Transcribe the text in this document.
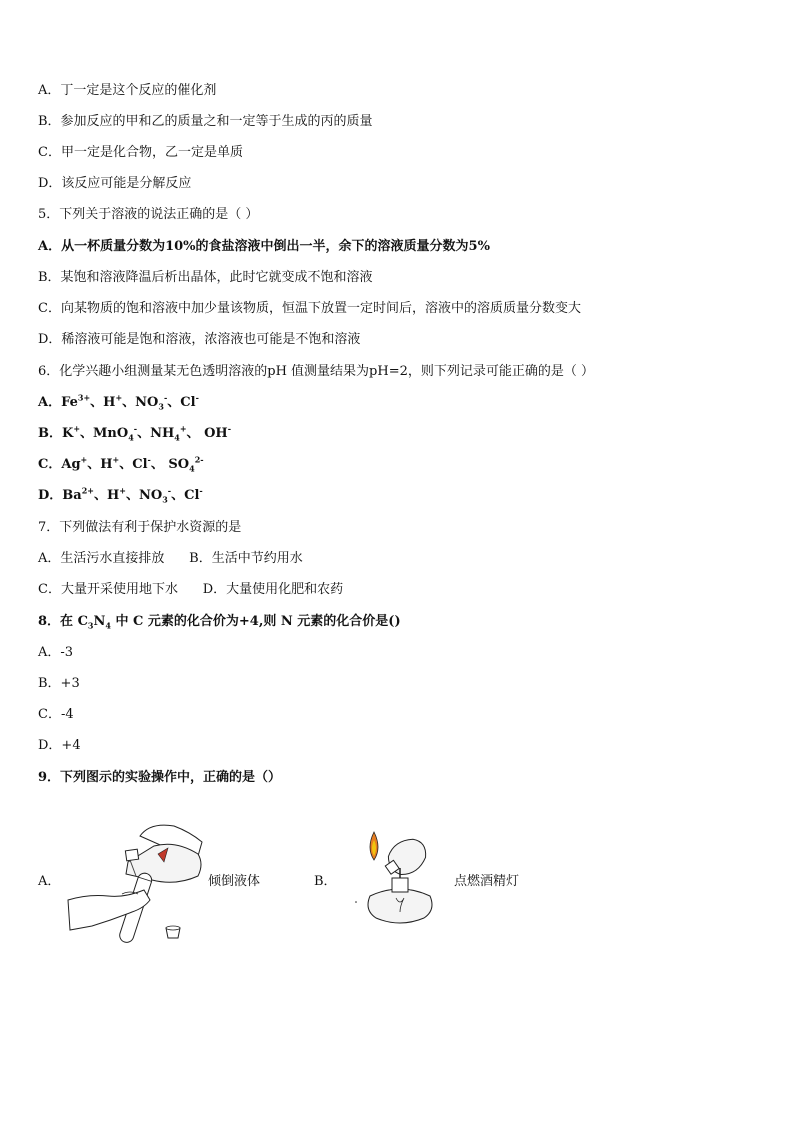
A．丁一定是这个反应的催化剂
B．参加反应的甲和乙的质量之和一定等于生成的丙的质量
C．甲一定是化合物，乙一定是单质
D．该反应可能是分解反应
5．下列关于溶液的说法正确的是（ ）
A．从一杯质量分数为10%的食盐溶液中倒出一半，余下的溶液质量分数为5%
B．某饱和溶液降温后析出晶体，此时它就变成不饱和溶液
C．向某物质的饱和溶液中加少量该物质，恒温下放置一定时间后，溶液中的溶质质量分数变大
D．稀溶液可能是饱和溶液，浓溶液也可能是不饱和溶液
6．化学兴趣小组测量某无色透明溶液的pH 值测量结果为pH=2，则下列记录可能正确的是（ ）
A．$Fe^{3+}$、H+、$NO_3^-$、Cl-
B．K+、MnO$_4$-、$NH_4^+$、 OH-
C．Ag+、H+、Cl-、 $SO_4^{2-}$
D．$Ba^{2+}$、H+、$NO_3^-$、Cl-
7．下列做法有利于保护水资源的是
A．生活污水直接排放      B．生活中节约用水
C．大量开采使用地下水      D．大量使用化肥和农药
8．在 $C_3N_4$ 中 C 元素的化合价为+4,则 N 元素的化合价是()
A．-3
B．+3
C．-4
D．+4
9．下列图示的实验操作中，正确的是（）
A．	倾倒液体	B．	点燃酒精灯
